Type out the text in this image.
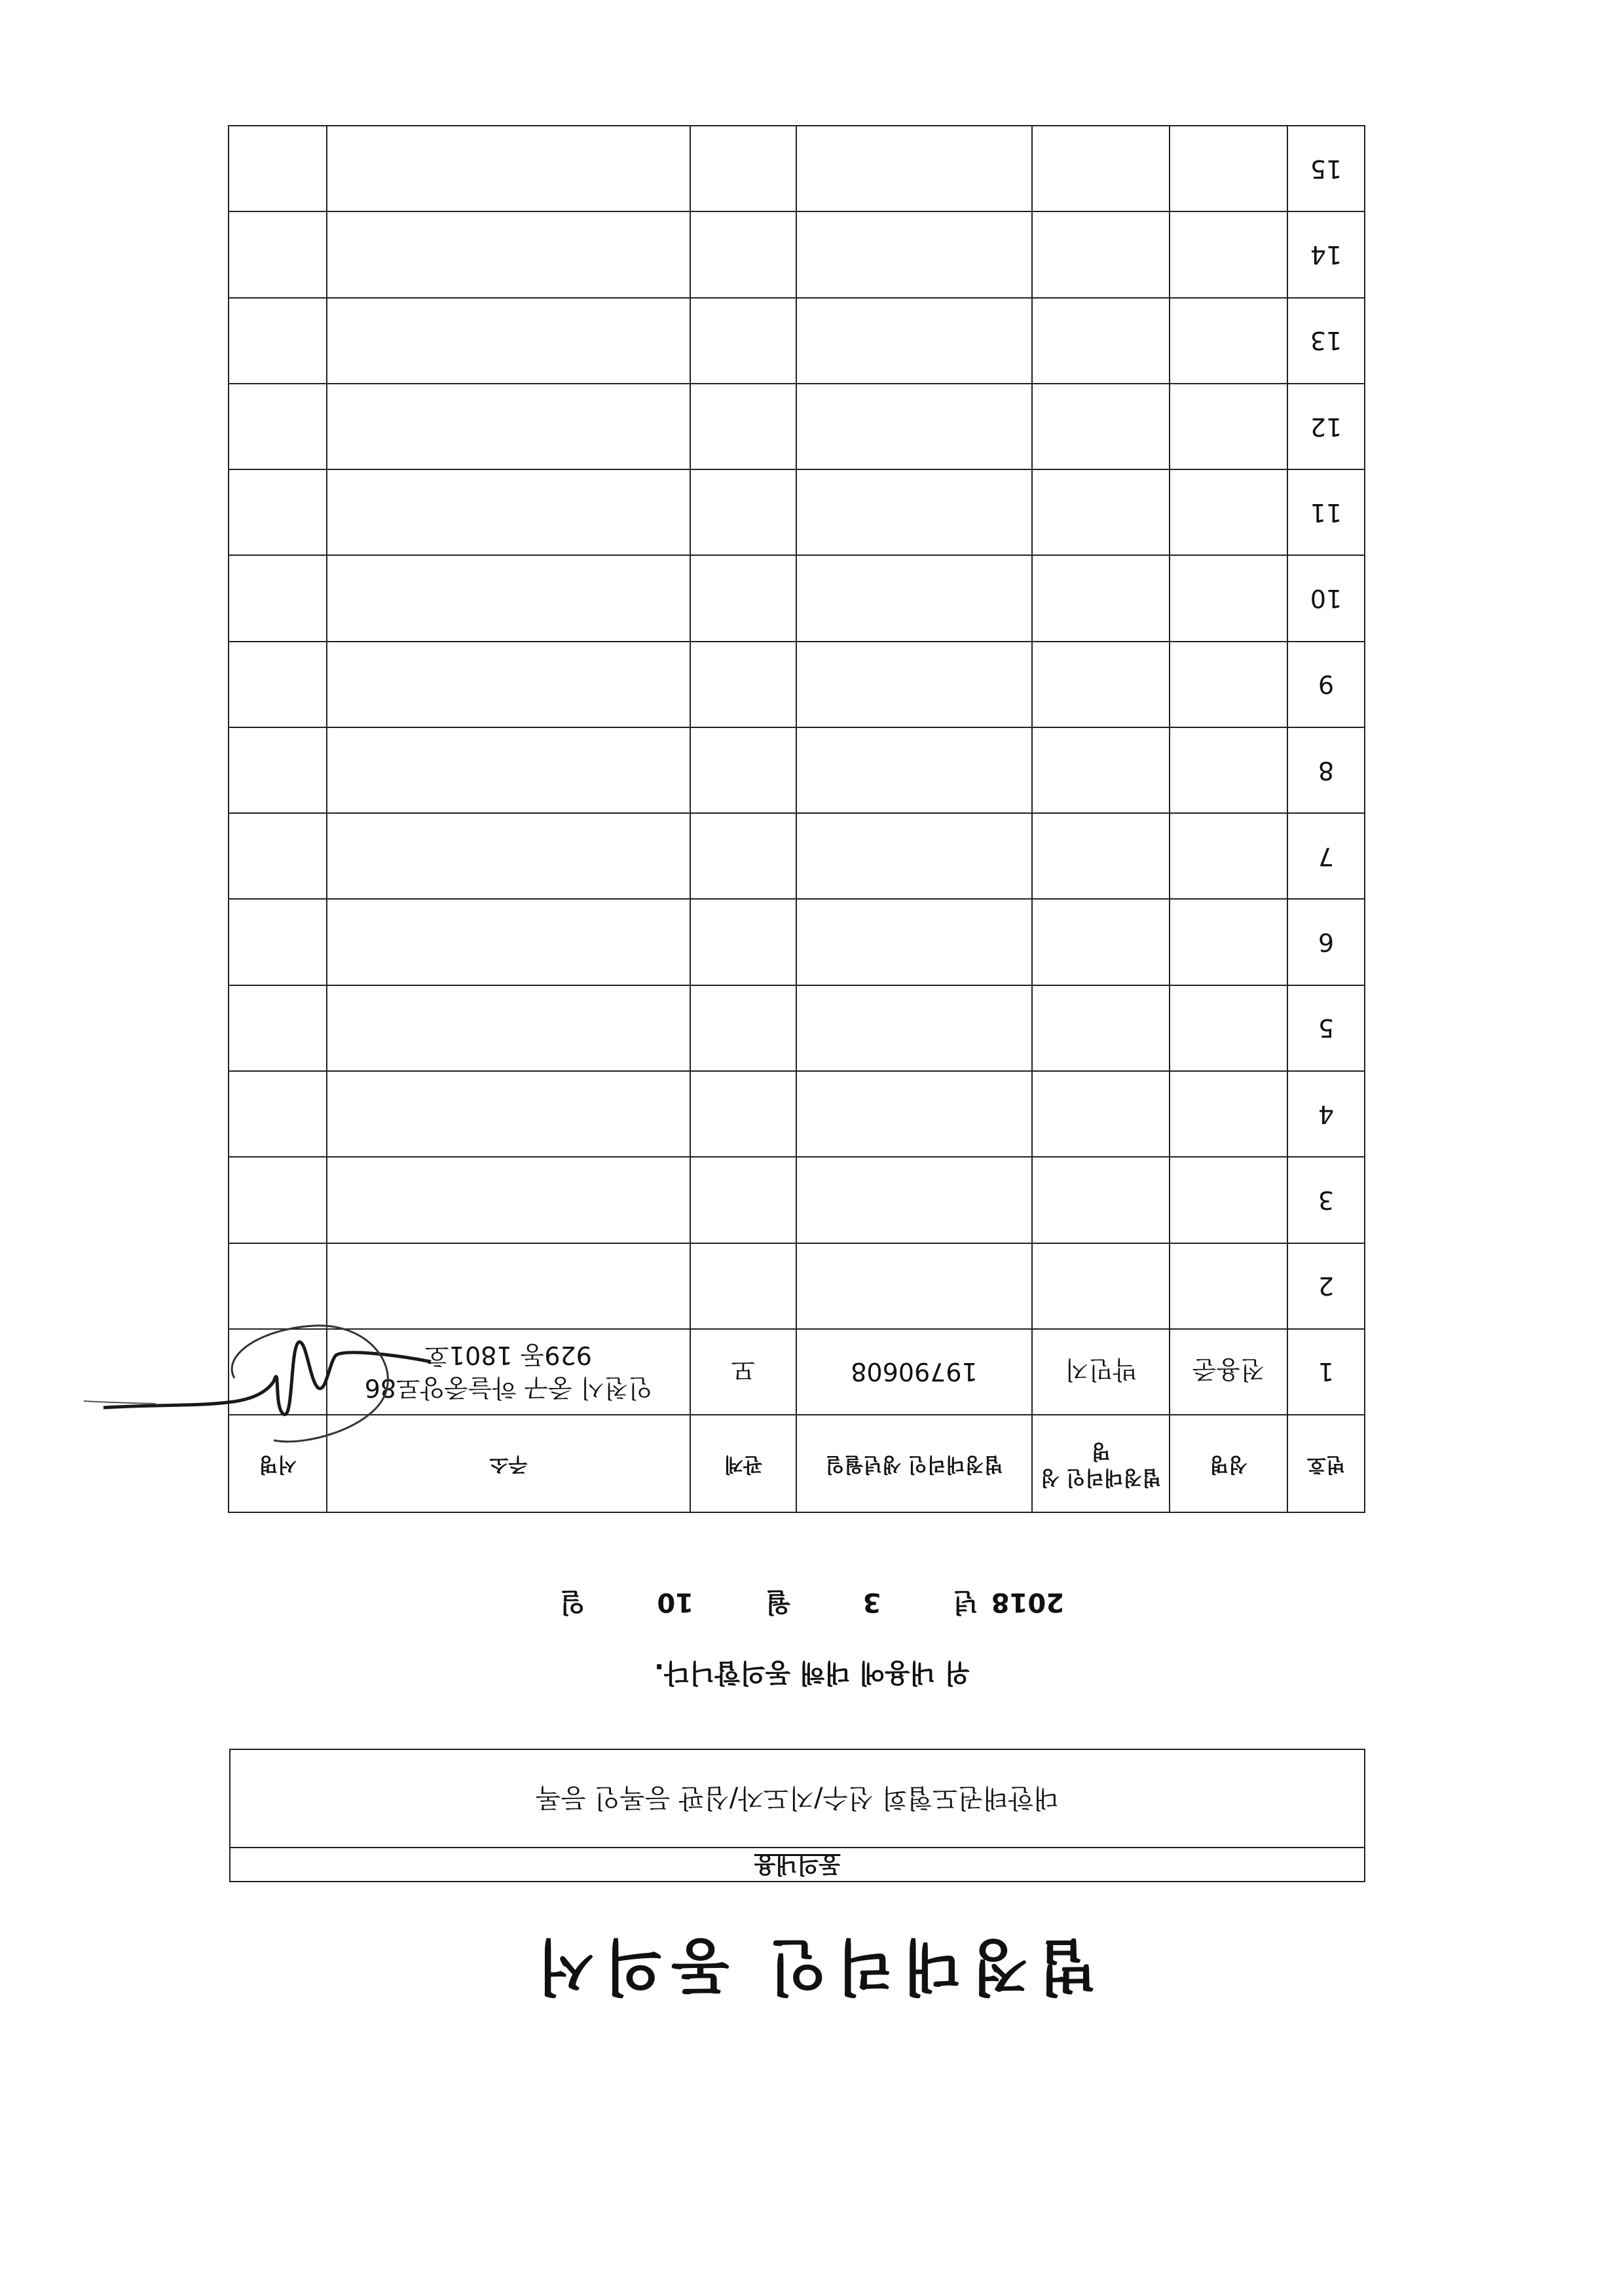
법정대리인 동의서
동의내용
대한태권도협회 선수/지도자/심판 등록인 등록
위 내용에 대해 동의합니다.
2018 년  3  월  10  일
번호	성명	법정대리인 성명	법정대리인 생년월일	관계	주소	서명
1	전용준	박민지	19790608	모	인천시 중구 하늘중앙로86
929동 1801호

2					

3					

4					

5					

6					

7					

8					

9					

10					

11					

12					

13					

14					

15					
